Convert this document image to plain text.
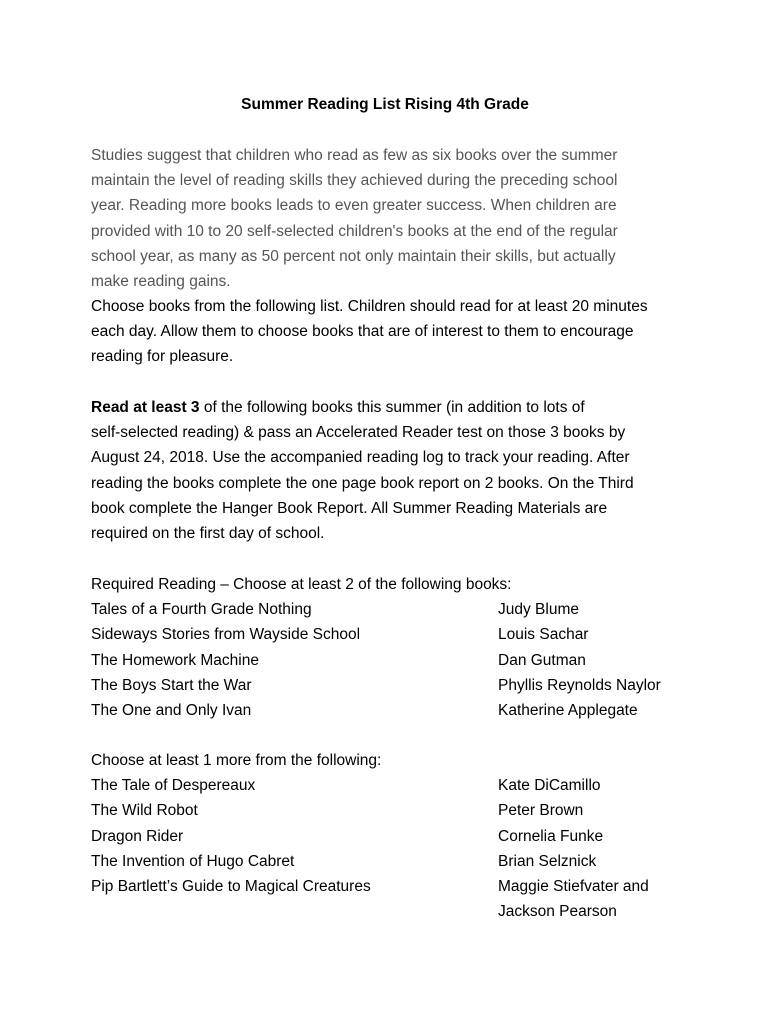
Summer Reading List Rising 4th Grade
Studies suggest that children who read as few as six books over the summer
maintain the level of reading skills they achieved during the preceding school
year. Reading more books leads to even greater success. When children are
provided with 10 to 20 self-selected children's books at the end of the regular
school year, as many as 50 percent not only maintain their skills, but actually
make reading gains.
Choose books from the following list. Children should read for at least 20 minutes
each day. Allow them to choose books that are of interest to them to encourage
reading for pleasure.
Read at least 3 of the following books this summer (in addition to lots of
self-selected reading) & pass an Accelerated Reader test on those 3 books by
August 24, 2018. Use the accompanied reading log to track your reading. After
reading the books complete the one page book report on 2 books. On the Third
book complete the Hanger Book Report. All Summer Reading Materials are
required on the first day of school.
Required Reading – Choose at least 2 of the following books:
Tales of a Fourth Grade Nothing	Judy Blume
Sideways Stories from Wayside School	Louis Sachar
The Homework Machine	Dan Gutman
The Boys Start the War	Phyllis Reynolds Naylor
The One and Only Ivan	Katherine Applegate
Choose at least 1 more from the following:
The Tale of Despereaux	Kate DiCamillo
The Wild Robot	Peter Brown
Dragon Rider	Cornelia Funke
The Invention of Hugo Cabret	Brian Selznick
Pip Bartlett’s Guide to Magical Creatures	Maggie Stiefvater and
Jackson Pearson
